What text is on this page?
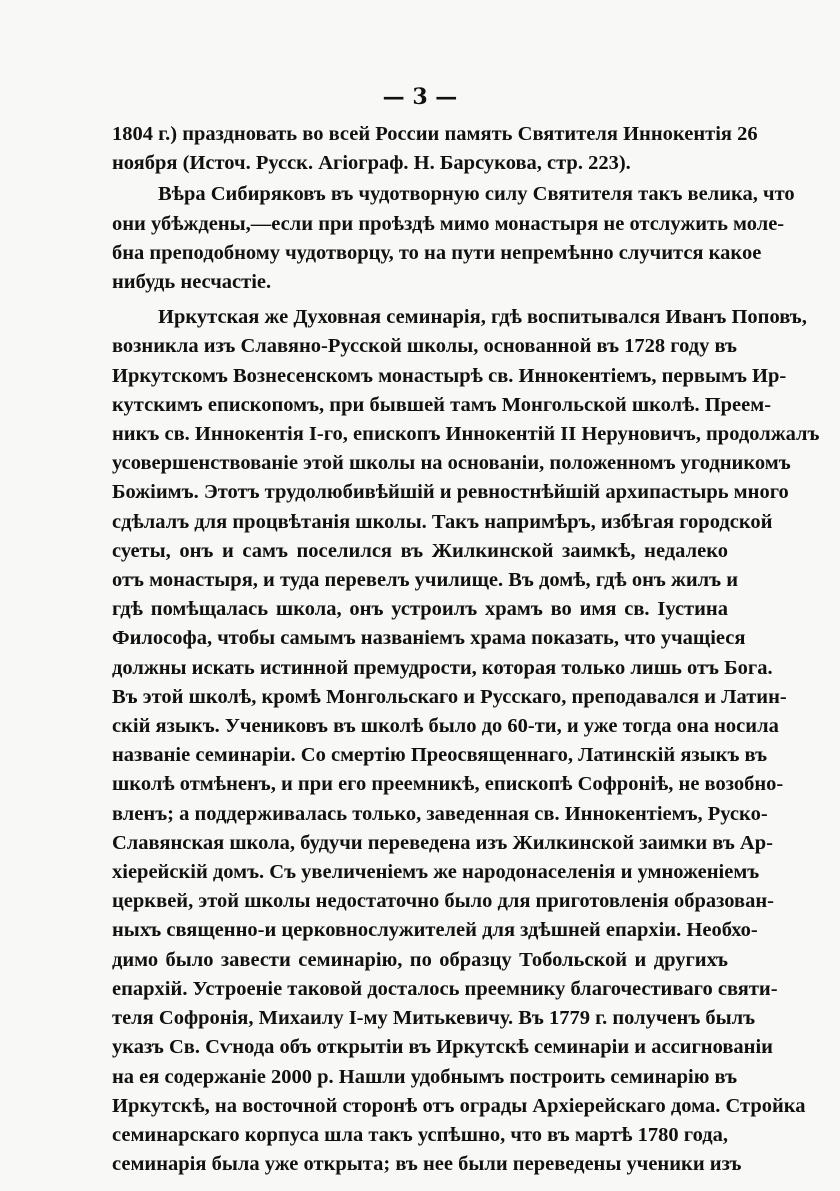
— 3 —

1804 г.) праздновать во всей России память Святителя Иннокентія 26
ноября (Источ. Русск. Агіограф. Н. Барсукова, стр. 223).

Вѣра Сибиряковъ въ чудотворную силу Святителя такъ велика, что
они убѣждены,—если при проѣздѣ мимо монастыря не отслужить моле-
бна преподобному чудотворцу, то на пути непремѣнно случится какое
нибудь несчастіе.

Иркутская же Духовная семинарія, гдѣ воспитывался Иванъ Поповъ,
возникла изъ Славяно-Русской школы, основанной въ 1728 году въ
Иркутскомъ Вознесенскомъ монастырѣ св. Иннокентіемъ, первымъ Ир-
кутскимъ епископомъ, при бывшей тамъ Монгольской школѣ. Преем-
никъ св. Иннокентія I-го, епископъ Иннокентій II Неруновичъ, продолжалъ
усовершенствованіе этой школы на основаніи, положенномъ угодникомъ
Божіимъ. Этотъ трудолюбивѣйшій и ревностнѣйшій архипастырь много
сдѣлалъ для процвѣтанія школы. Такъ напримѣръ, избѣгая городской
суеты, онъ и самъ поселился въ Жилкинской заимкѣ, недалеко
отъ монастыря, и туда перевелъ училище. Въ домѣ, гдѣ онъ жилъ и
гдѣ помѣщалась школа, онъ устроилъ храмъ во имя св. Іустина
Философа, чтобы самымъ названіемъ храма показать, что учащіеся
должны искать истинной премудрости, которая только лишь отъ Бога.
Въ этой школѣ, кромѣ Монгольскаго и Русскаго, преподавался и Латин-
скій языкъ. Учениковъ въ школѣ было до 60-ти, и уже тогда она носила
названіе семинаріи. Со смертію Преосвященнаго, Латинскій языкъ въ
школѣ отмѣненъ, и при его преемникѣ, епископѣ Софроніѣ, не возобно-
вленъ; а поддерживалась только, заведенная св. Иннокентіемъ, Руско-
Славянская школа, будучи переведена изъ Жилкинской заимки въ Ар-
хіерейскій домъ. Съ увеличеніемъ же народонаселенія и умноженіемъ
церквей, этой школы недостаточно было для приготовленія образован-
ныхъ священно-и церковнослужителей для здѣшней епархіи. Необхо-
димо было завести семинарію, по образцу Тобольской и другихъ
епархій. Устроеніе таковой досталось преемнику благочестиваго святи-
теля Софронія, Михаилу I-му Митькевичу. Въ 1779 г. полученъ былъ
указъ Св. Сѵнода объ открытіи въ Иркутскѣ семинаріи и ассигнованіи
на ея содержаніе 2000 р. Нашли удобнымъ построить семинарію въ
Иркутскѣ, на восточной сторонѣ отъ ограды Архіерейскаго дома. Стройка
семинарскаго корпуса шла такъ успѣшно, что въ мартѣ 1780 года,
семинарія была уже открыта; въ нее были переведены ученики изъ
